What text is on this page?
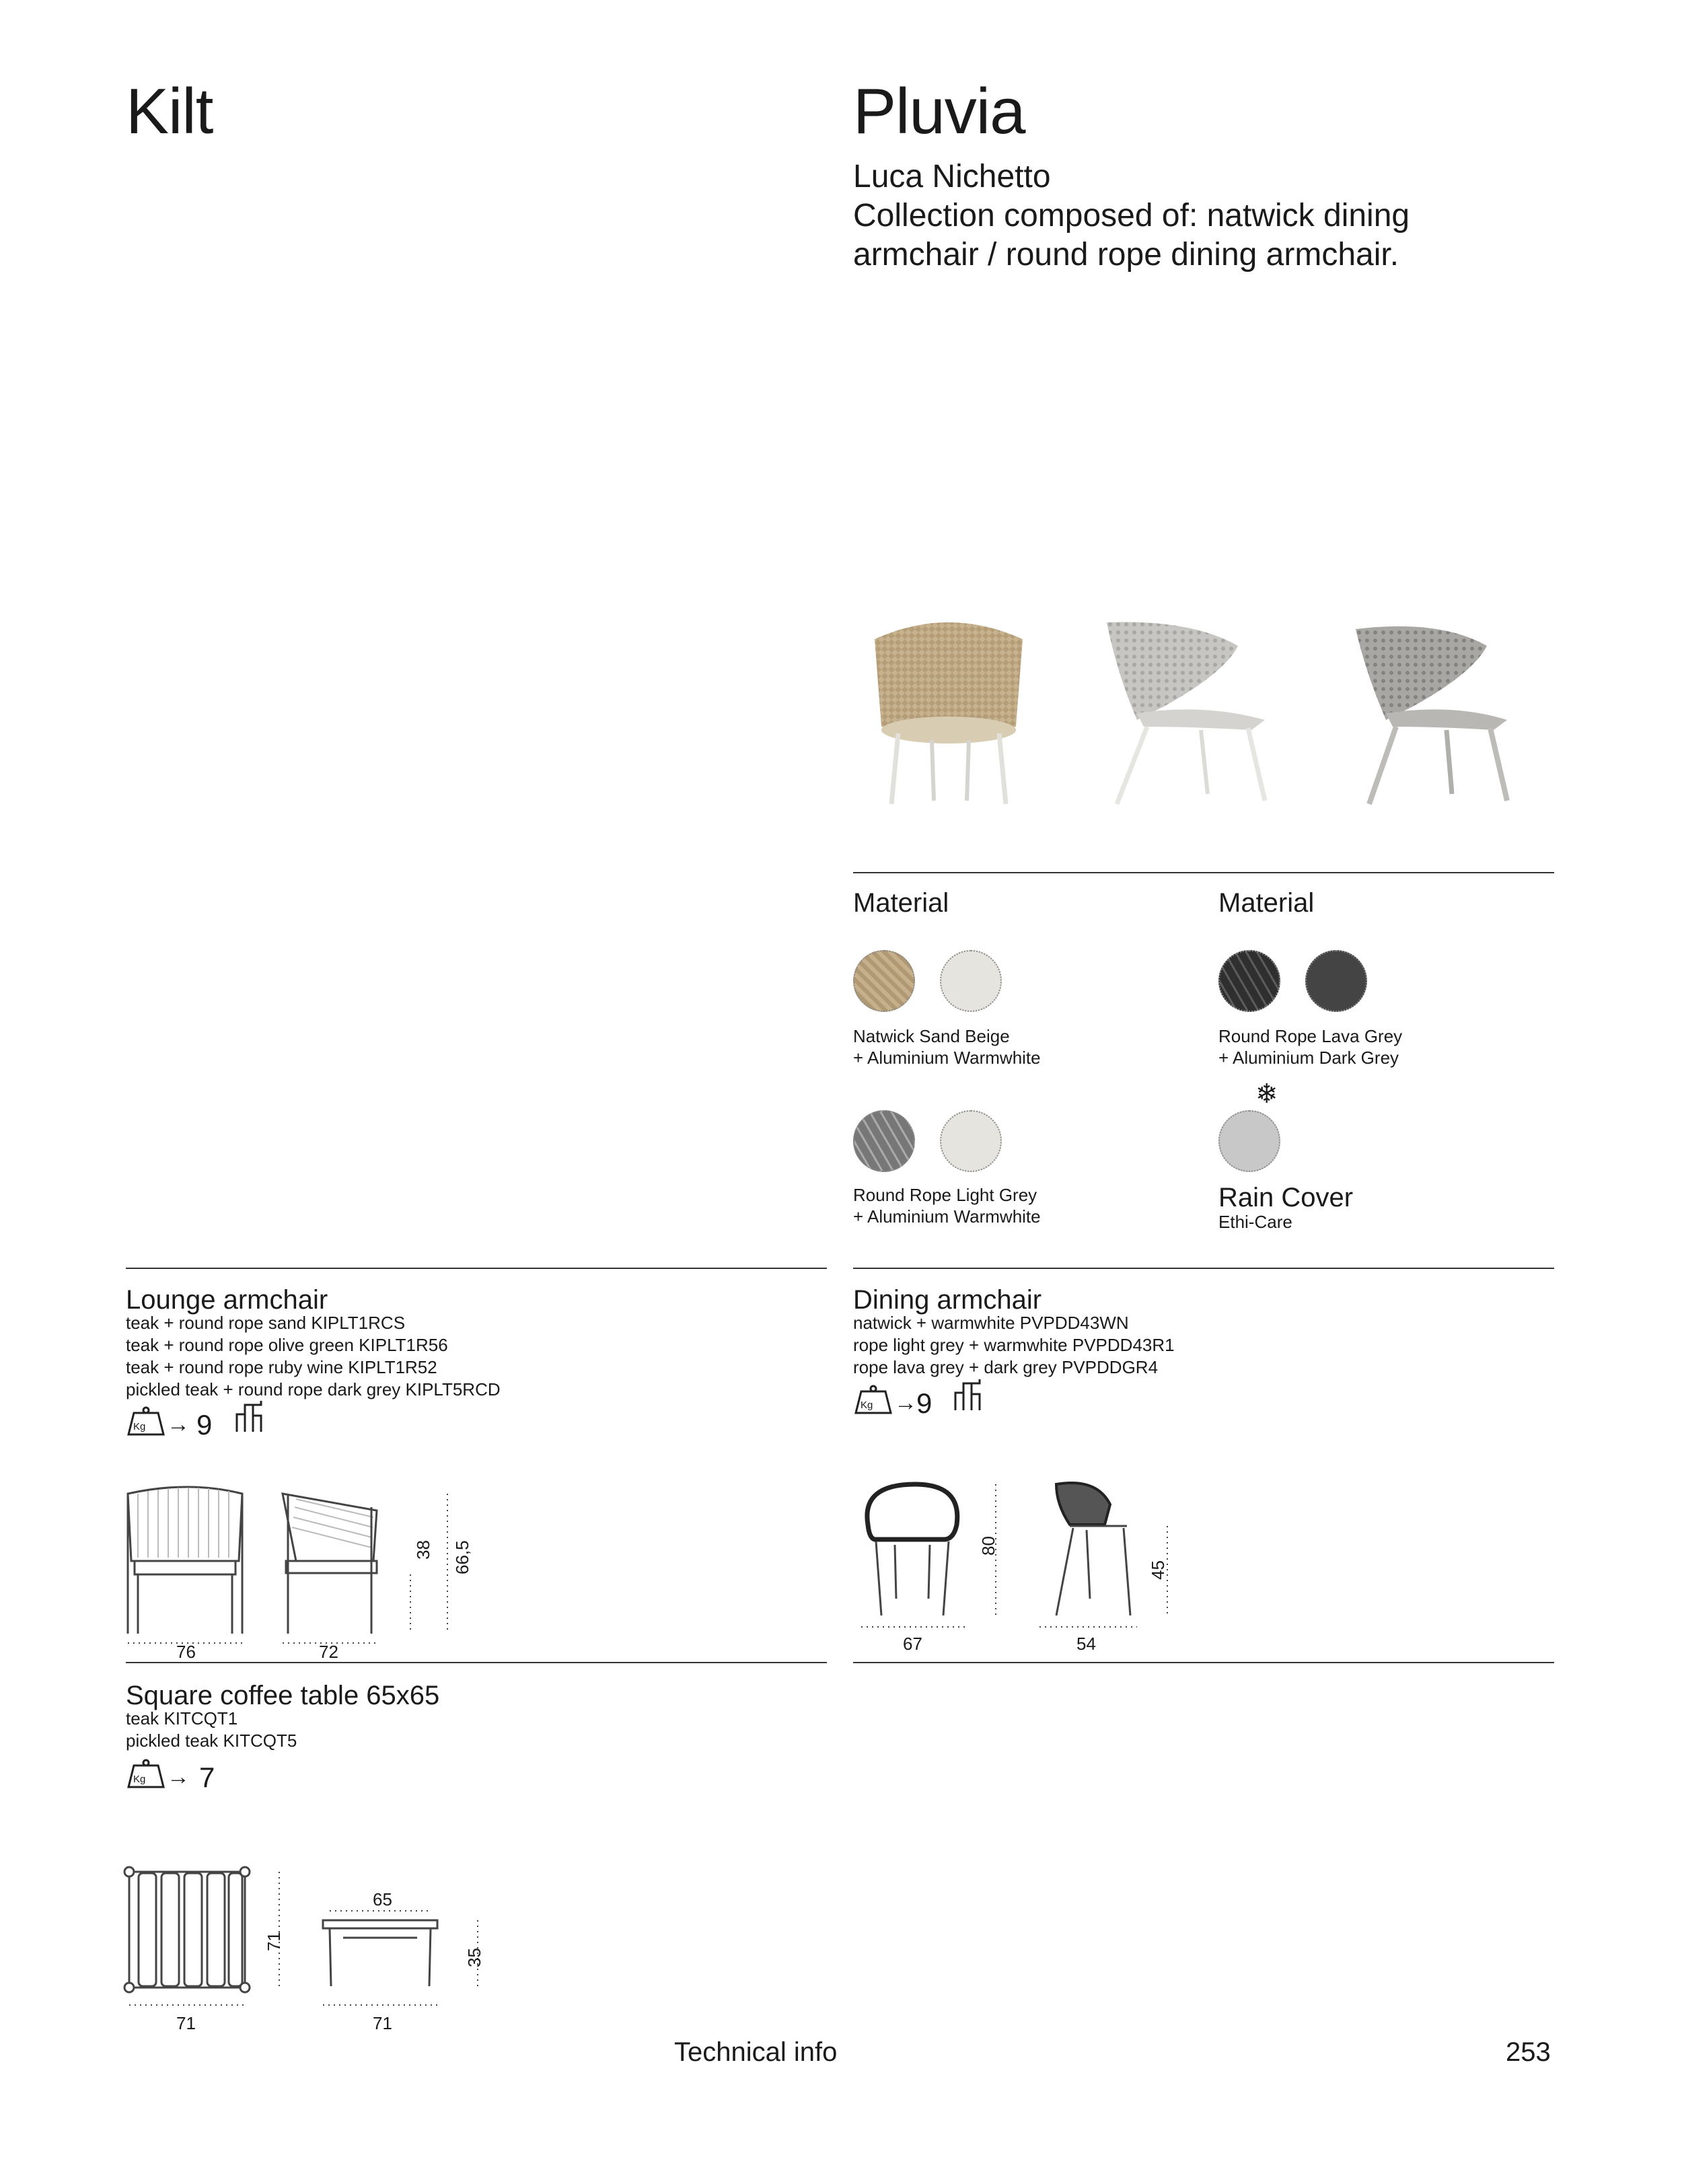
Kilt	Pluvia
Luca Nichetto
Collection composed of: natwick dining
armchair / round rope dining armchair.
Material	Material
Natwick Sand Beige
+ Aluminium Warmwhite
Round Rope Lava Grey
+ Aluminium Dark Grey
Round Rope Light Grey
+ Aluminium Warmwhite
❄
Rain Cover
Ethi-Care
Lounge armchair
teak + round rope sand KIPLT1RCS
teak + round rope olive green KIPLT1R56
teak + round rope ruby wine KIPLT1R52
pickled teak + round rope dark grey KIPLT5RCD
Kg → 9
76	72
38 66,5
Dining armchair
natwick + warmwhite PVPDD43WN
rope light grey + warmwhite PVPDD43R1
rope lava grey + dark grey PVPDDGR4
Kg → 9
67	54
80
45
Square coffee table 65x65
teak KITCQT1
pickled teak KITCQT5
Kg → 7
71	71
65
71
35
Technical info	253
